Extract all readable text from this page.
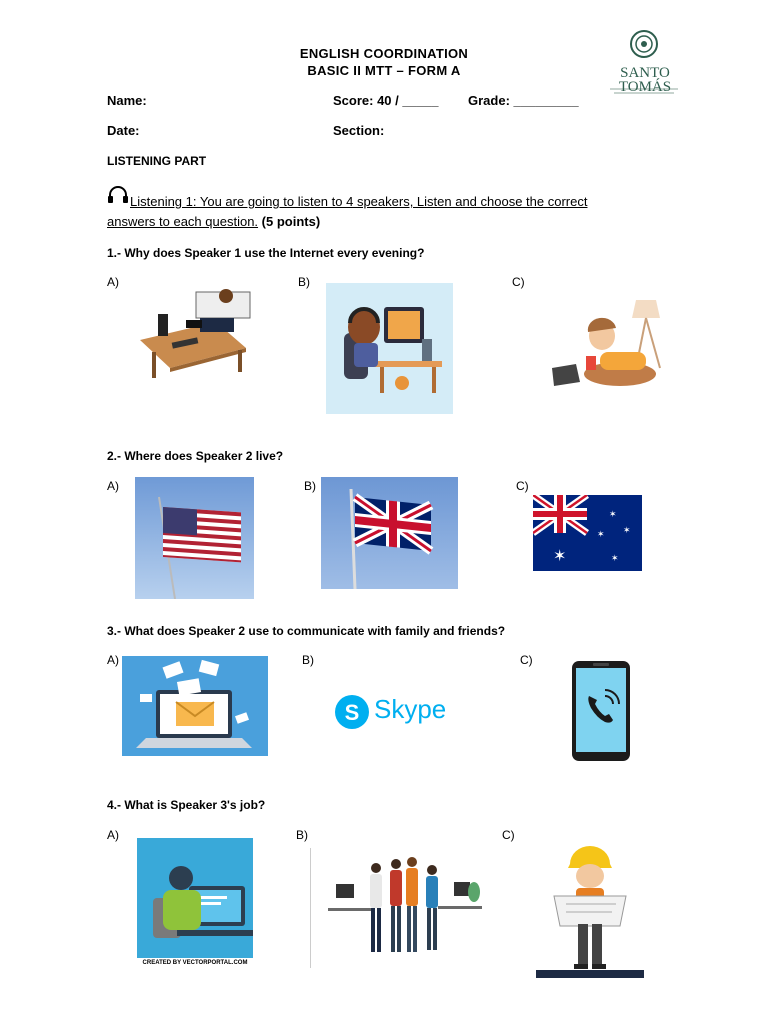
ENGLISH COORDINATION
BASIC II MTT – FORM A	SANTO
TOMÁS
Name:	Score: 40 / _____ Grade: _________
Date:	Section:
LISTENING PART
Listening 1: You are going to listen to 4 speakers, Listen and choose the correct
answers to each question. (5 points)
1.- Why does Speaker 1 use the Internet every evening?
A)	B)	C)
2.- Where does Speaker 2 live?
A)	B)	C)
✶
✶
✶ ✶
✶
3.- What does Speaker 2 use to communicate with family and friends?
A)	B)	C)
S Skype
4.- What is Speaker 3's job?
A)	B)	C)
CREATED BY VECTORPORTAL.COM
